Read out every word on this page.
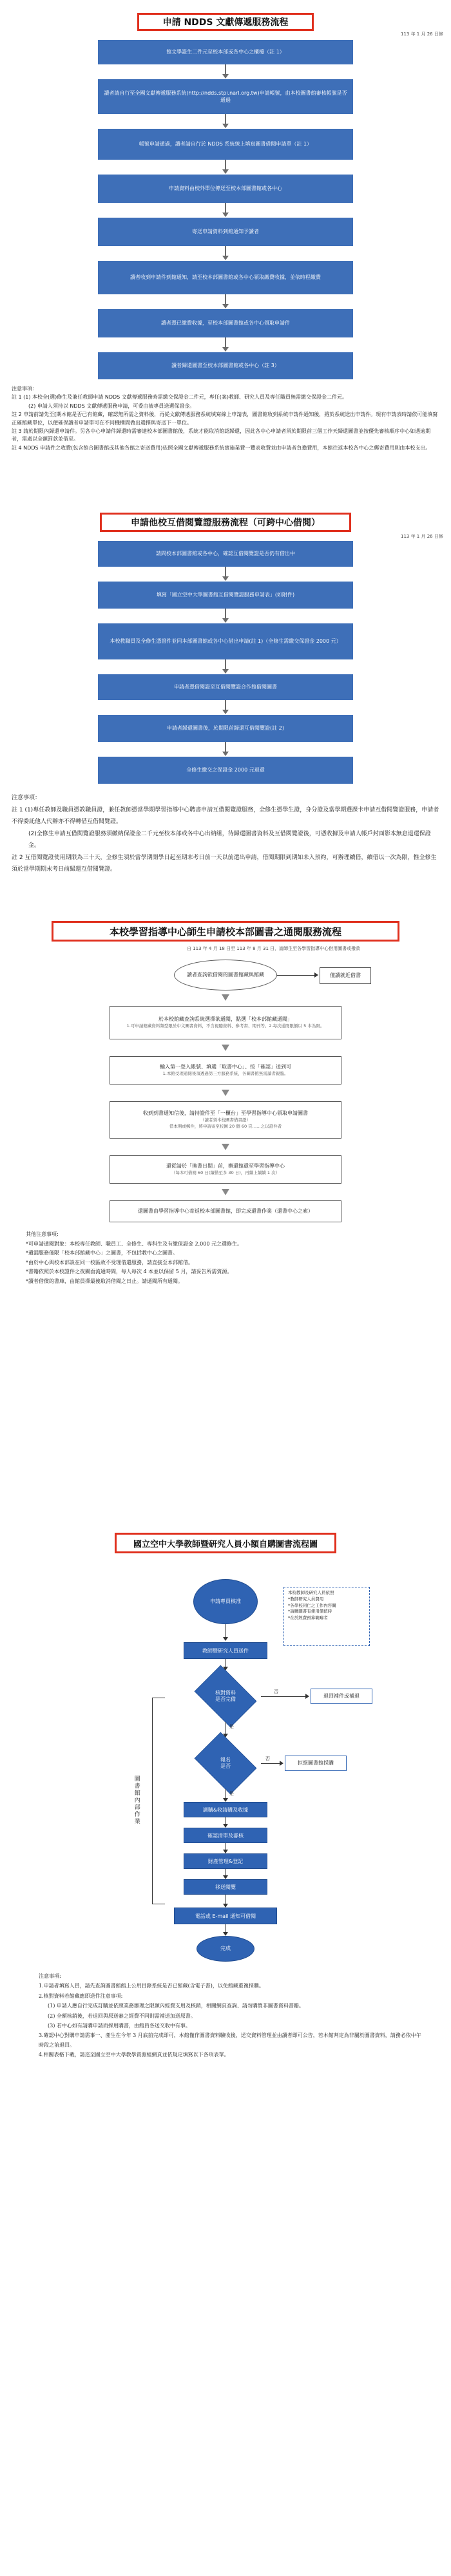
申請 NDDS 文獻傳遞服務流程
113 年 1 月 26 日修
館文學證生二件元至校本部或各中心之櫃檯（註 1）
讀者請自行至全國文獻傳遞服務系統(http://ndds.stpi.narl.org.tw)申請帳號，由本校圖書館審核帳號是否通過
帳號申請通過，讀者請自行於 NDDS 系統線上填寫圖書借閱申請單（註 1）
申請資料由校外單位傳送至校本部圖書館或各中心
寄送申請資料到館通知予讀者
讀者收到申請件到館通知，請至校本部圖書館或各中心領取繳費收據，並依時程繳費
讀者憑已繳費收據，至校本部圖書館或各中心領取申請件
讀者歸還圖書至校本部圖書館或各中心（註 3）

注意事項：

註 1 (1) 本校全(選)修生及兼任教師申請 NDDS 文獻傳遞服務時需繳交保證金二件元，專任(案)教師、研究人員及專任職員無需繳交保證金二件元。

(2) 申請人須持以 NDDS 文獻傳遞服務申請，可委由被專員送選保證金。

註 2 申請前請先至[期本館是否已有館藏，確認無所需之資料後，再從文獻傳遞服務系統填寫線上申請表，圖書館收到系統申請件通知後，將於系統送出申請件。現有申請表時請依可能填寫正確館藏單位，以便確保讀者申請單可在不同機構間做出選擇與寄送下一單位。

註 3 請於期限內歸還申請件。另各中心申請件歸還時需審達校本部圖書館後，系統才能取消館認歸還，因此各中心申請者須於期限前三個工作天歸還圖書並按優先審核順序中心如遇逾期者，需處以全額罰款並借至。

註 4 NDDS 申請件之收費(包含館合圖書館或其他各館之寄送費用)依照全國文獻傳遞服務系統實施業費一覽表收費並由申請者負擔費用，本館往返本校各中心之郵寄費用則由本校支出。

申請他校互借閱覽證服務流程（可跨中心借閱）
113 年 1 月 26 日修
請問校本部圖書館或各中心，確認互借閱覽證是否仍有借出中
填寫「國立空中大學圖書館互借閱覽證服務申請表」(如附件)
本校教職員及全修生憑證件並同本部圖書館或各中心借出申請(註 1)（全修生需繳交保證金 2000 元）
申請者憑借閱證至互借閱覽證合作館借閱圖書
申請者歸還圖書後，於期限前歸還互借閱覽證(註 2)
全修生繳交之保證金 2000 元退還

注意事項：

註 1 (1)專任教師及職員憑教職員證，兼任教師憑當學期學習指導中心聘書申請互借閱覽證服務，全修生憑學生證，身分證及當學期選課卡申請互借閱覽證服務，申請者不得委託他人代辦亦不得轉借互借閱覽證。

(2)全修生申請互借閱覽證服務須繳納保證金二千元至校本部或各中心出納組，待歸還圖書資料及互借閱覽證後，可憑收據及申請人帳戶封面影本無息退還保證金。

註 2 互借閱覽證使用期限為三十天，全修生須於當學期開學日起至期末考日前一天以前還出申請，借閱期限到期如未入預約，可辦理續借，續借以一次為限，惟全修生須於當學期期末考日前歸還互借閱覽證。

本校學習指導中心師生申請校本部圖書之通閱服務流程
自 113 年 4 月 18 日至 113 年 8 月 31 日，請師生至各學習指導中心借用圖書或撥款
讀者查詢欲借閱的圖書館藏與館藏	僅讀就近借書
於本校館藏查詢系統選擇欲通閱，點選「校本部館藏通閱」
1.可申請館藏資料類型限於中文圖書資料，不含視聽資料、參考書、期刊等。2.每次通閱限額以 5 本為限。
輸入第一登入帳號、填選「取書中心」、按「確認」送到可
1.本館受理通閱後須透過第三方服務系統，各圖書館無需讀者親臨。
收到到書通知信後，請持證件至「一櫃台」至學習指導中心領取申請圖書
（讀者須本校圖書借書證）
借本期或郵件，將申請寄至校園 20 個 60 頁……之以證件者
還從請於「換書日期」前，辦還館還至學習指導中心
（每本可借閱 60 日(續借至多 30 日)，再續上續續 1 次）
還圖書由學習指導中心寄返校本部圖書館，即完成還書作業（還書中心之索）

其他注意事項:

*可申請通閱對象：本校專任教師、職員工、全修生、專科生及有繳保證金 2,000 元之選修生。

*遺漏服務僅限「校本部館藏中心」之圖書，不包括教中心之圖書。

*由於中心與校本部設在同一校區故不受理借還服務，請直接至本部館借。

*書籍依照於本校證件之夜關面流通時間，每人每次 4 本並以保留 5 月，請妥告所需資源。

*讀者借償的書庫，由館員擇最後取消借閱之日止。請通閱所有通閱。

國立空中大學教師暨研究人員小額自購圖書流程圖
申請專員核准
本校教師及研究人員依照
*教師研究人員費用
*各學校同仁之工作內容關
*請購圖書有使用價值時
*在於經費預算範疇者
教師暨研究人員送件
核對資料
是否完備
否
退回補件或補退
是
報名
是否
否
拒絕圖書館採購
是
調購&收請購及收據
確認清單及審核
財產管理&登記
移送閱覽
電話或 E-mail 通知可借閱
完成
圖書館內部作業

注意事項:

1.申請者填寫人員，請先查詢圖書館館上公用目錄系統是否已館藏(含電子書)，以免館藏重複採購。

2.核對資料若館藏應即送件注意事項:

(1) 申請人應自行完成訂購並依照業務辦理之限額內經費支用及核銷，相關網頁查詢、請勿購買非圖書資料書籍。

(2) 全額核銷後，若退回與原送審之經費不同則需補送加送原書。

(3) 若中心如有請購申請而採用購書，由館員各送交收中有事。

3.確認中心對購申請需事一、產生在今年 3 月底前完成即可，本館僅作圖書資料驗收後，送交資料管理並由讀者即可公告，若本館判定為非屬於圖書資料，請務必依中午時段之前退回。

4.相關表格下載，請逕至國立空中大學教學資源組網頁並依規定填寫以下各項表單。
